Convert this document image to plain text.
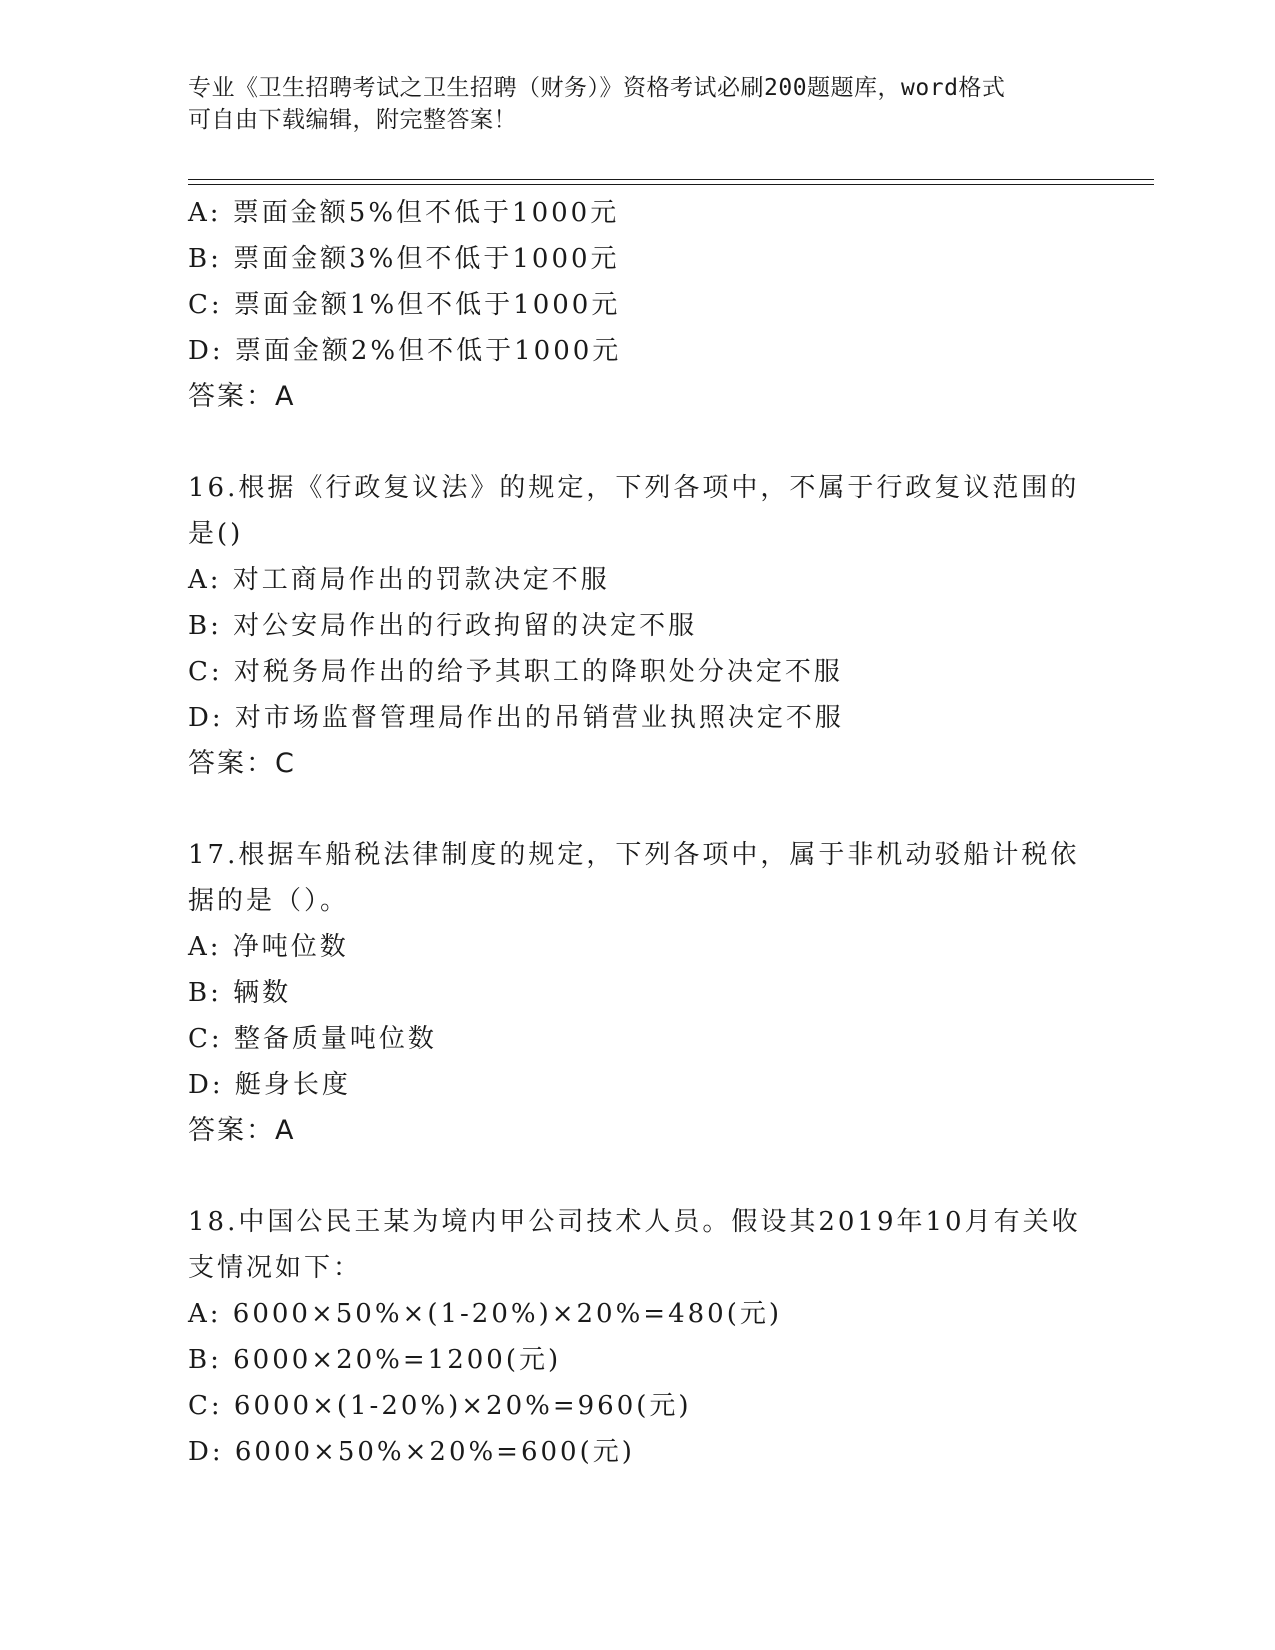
专业《卫生招聘考试之卫生招聘（财务）》资格考试必刷200题题库，word格式
可自由下载编辑，附完整答案！
A: 票面金额5%但不低于1000元
B: 票面金额3%但不低于1000元
C: 票面金额1%但不低于1000元
D: 票面金额2%但不低于1000元
答案：A
16.根据《行政复议法》的规定，下列各项中，不属于行政复议范围的
是()
A: 对工商局作出的罚款决定不服
B: 对公安局作出的行政拘留的决定不服
C: 对税务局作出的给予其职工的降职处分决定不服
D: 对市场监督管理局作出的吊销营业执照决定不服
答案：C
17.根据车船税法律制度的规定，下列各项中，属于非机动驳船计税依
据的是（）。
A: 净吨位数
B: 辆数
C: 整备质量吨位数
D: 艇身长度
答案：A
18.中国公民王某为境内甲公司技术人员。假设其2019年10月有关收
支情况如下：
A: 6000×50%×(1-20%)×20%=480(元)
B: 6000×20%=1200(元)
C: 6000×(1-20%)×20%=960(元)
D: 6000×50%×20%=600(元)
